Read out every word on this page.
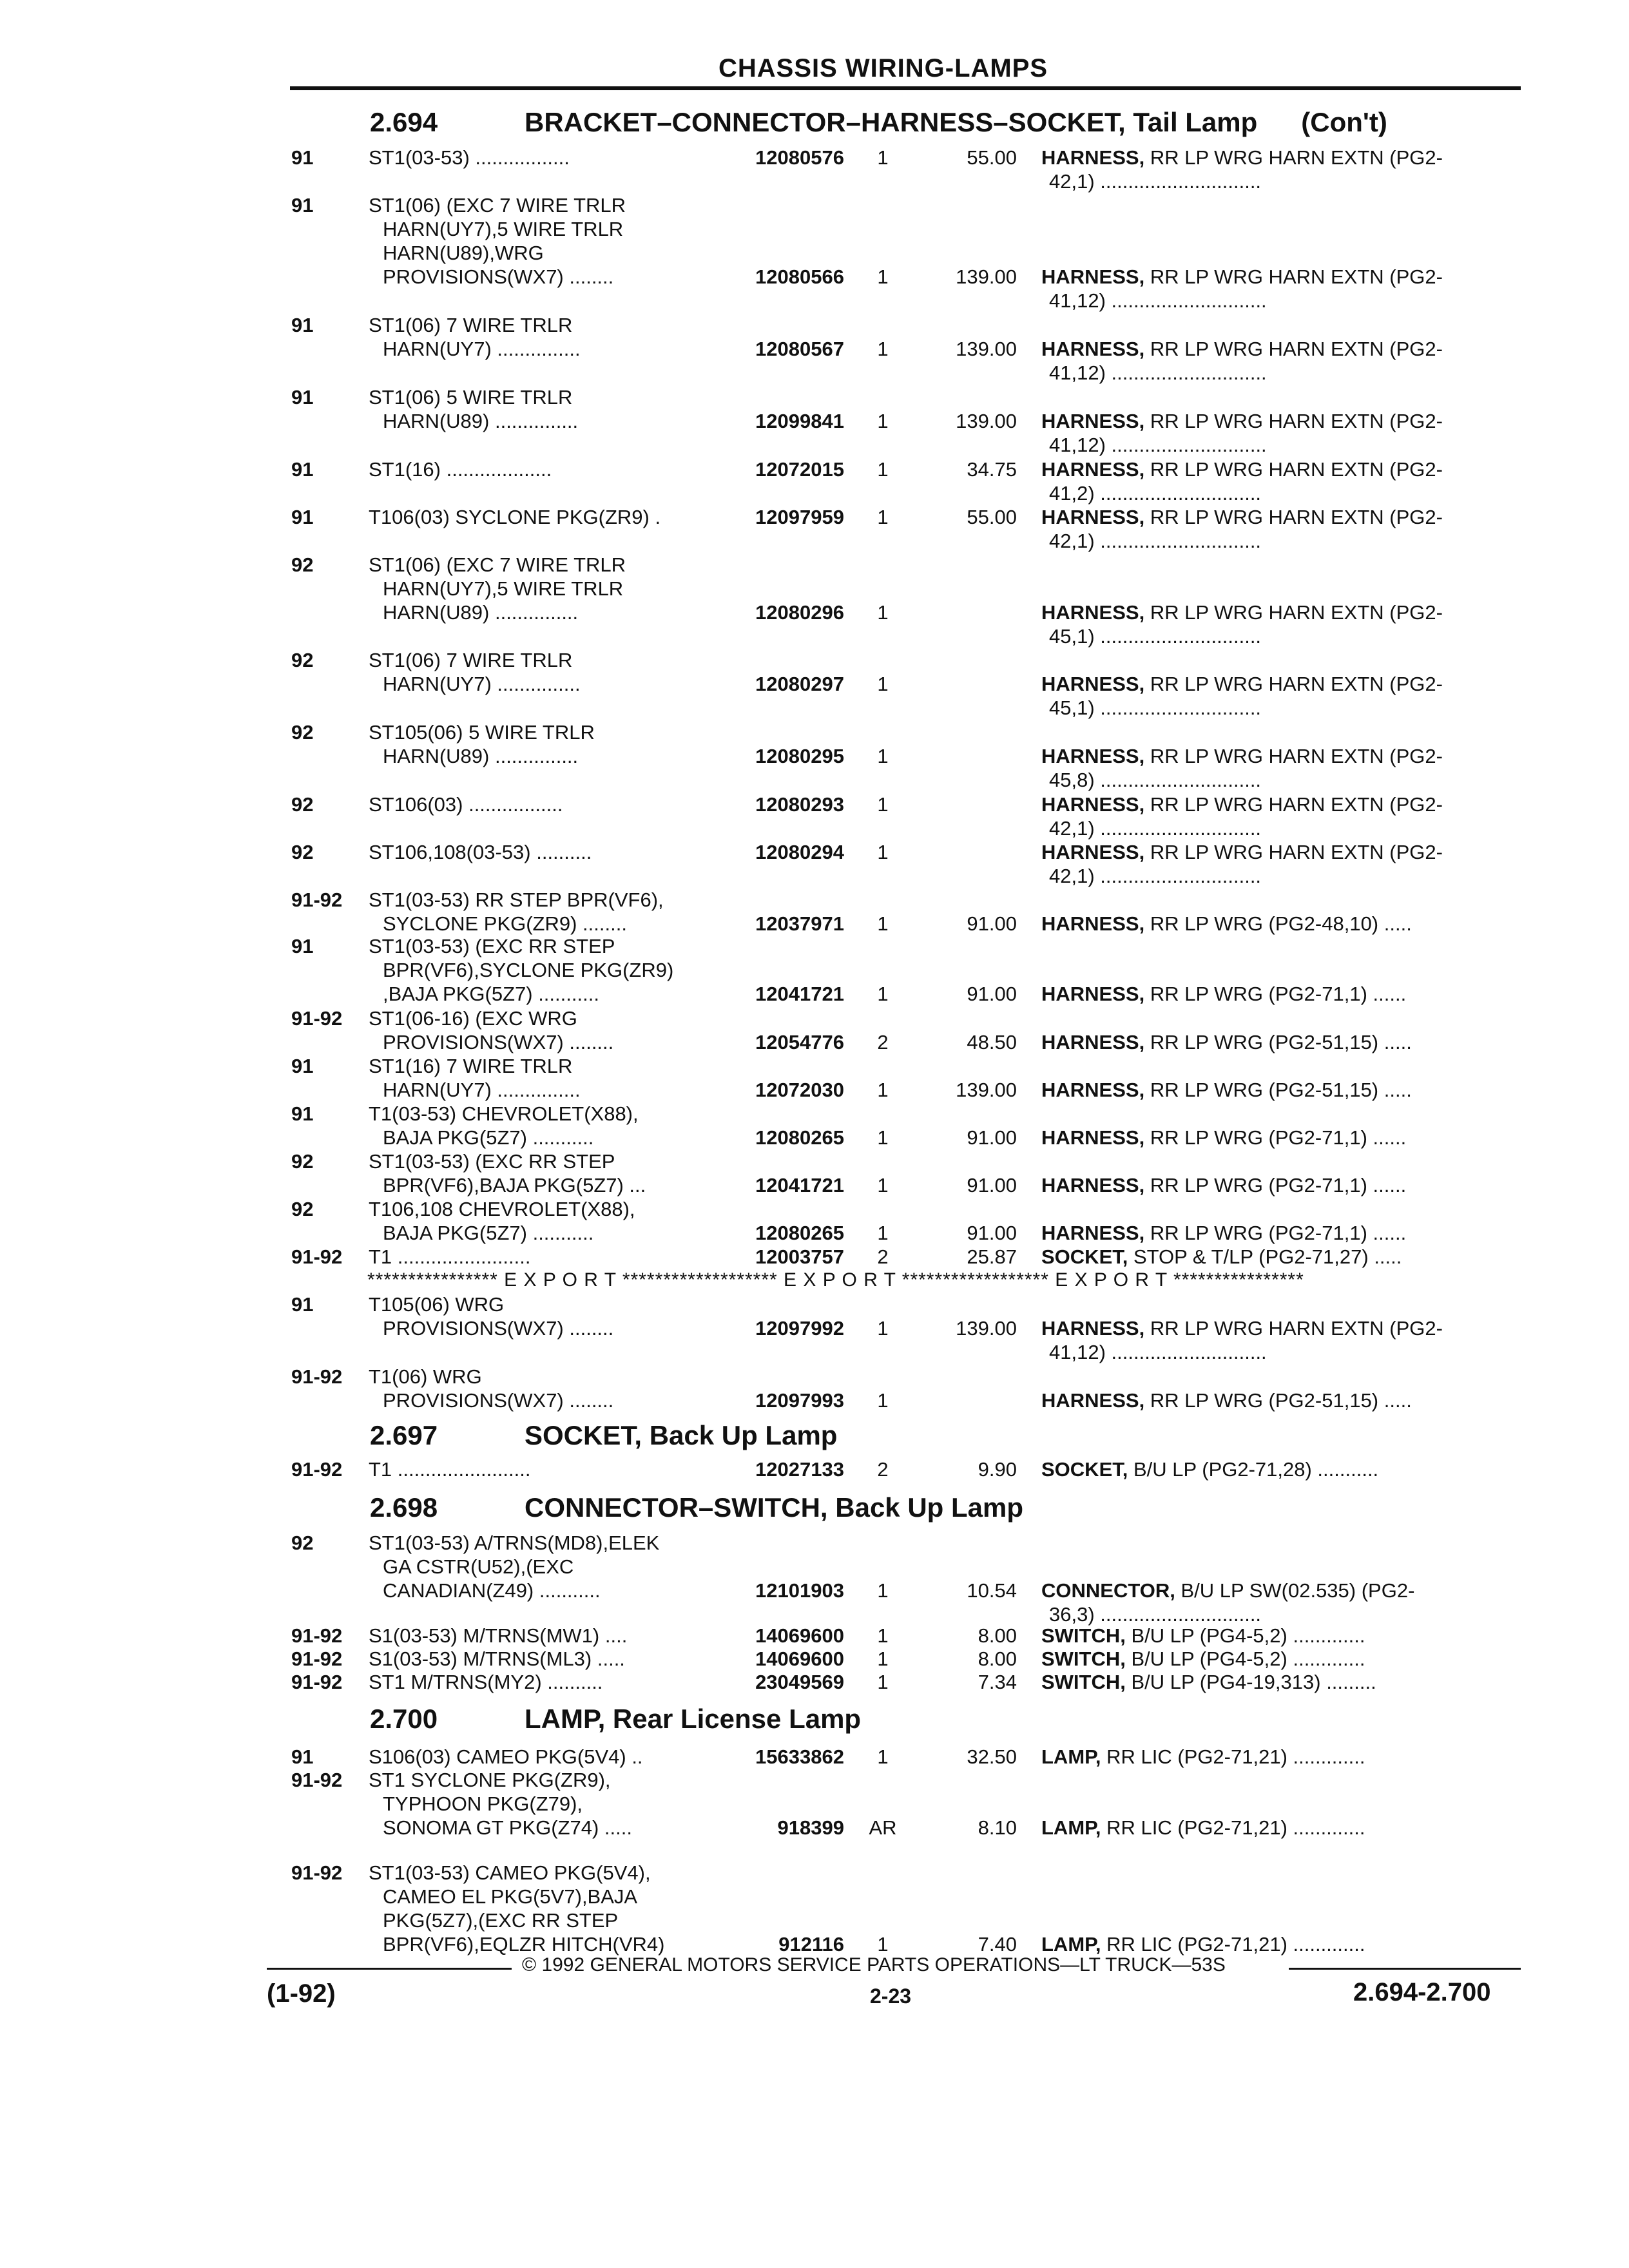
CHASSIS WIRING-LAMPS
2.694	BRACKET–CONNECTOR–HARNESS–SOCKET, Tail Lamp (Con't)
2.697	SOCKET, Back Up Lamp
2.698	CONNECTOR–SWITCH, Back Up Lamp
2.700	LAMP, Rear License Lamp
91	ST1(03-53) .................	12080576	1	55.00 HARNESS, RR LP WRG HARN EXTN (PG2-
42,1) .............................
91	ST1(06) (EXC 7 WIRE TRLR
HARN(UY7),5 WIRE TRLR
HARN(U89),WRG
PROVISIONS(WX7) ........	12080566	1	139.00 HARNESS, RR LP WRG HARN EXTN (PG2-
41,12) ............................
91	ST1(06) 7 WIRE TRLR
HARN(UY7) ...............	12080567	1	139.00 HARNESS, RR LP WRG HARN EXTN (PG2-
41,12) ............................
91	ST1(06) 5 WIRE TRLR
HARN(U89) ...............	12099841	1	139.00 HARNESS, RR LP WRG HARN EXTN (PG2-
41,12) ............................
91	ST1(16) ...................	12072015	1	34.75 HARNESS, RR LP WRG HARN EXTN (PG2-
41,2) .............................
91	T106(03) SYCLONE PKG(ZR9) .	12097959	1	55.00 HARNESS, RR LP WRG HARN EXTN (PG2-
42,1) .............................
92	ST1(06) (EXC 7 WIRE TRLR
HARN(UY7),5 WIRE TRLR
HARN(U89) ...............	12080296	1	HARNESS, RR LP WRG HARN EXTN (PG2-
45,1) .............................
92	ST1(06) 7 WIRE TRLR
HARN(UY7) ...............	12080297	1	HARNESS, RR LP WRG HARN EXTN (PG2-
45,1) .............................
92	ST105(06) 5 WIRE TRLR
HARN(U89) ...............	12080295	1	HARNESS, RR LP WRG HARN EXTN (PG2-
45,8) .............................
92	ST106(03) .................	12080293	1	HARNESS, RR LP WRG HARN EXTN (PG2-
42,1) .............................
92	ST106,108(03-53) ..........	12080294	1	HARNESS, RR LP WRG HARN EXTN (PG2-
42,1) .............................
91-92 ST1(03-53) RR STEP BPR(VF6),
SYCLONE PKG(ZR9) ........	12037971	1	91.00 HARNESS, RR LP WRG (PG2-48,10) .....
91	ST1(03-53) (EXC RR STEP
BPR(VF6),SYCLONE PKG(ZR9)
,BAJA PKG(5Z7) ...........	12041721	1	91.00 HARNESS, RR LP WRG (PG2-71,1) ......
91-92 ST1(06-16) (EXC WRG
PROVISIONS(WX7) ........	12054776	2	48.50 HARNESS, RR LP WRG (PG2-51,15) .....
91	ST1(16) 7 WIRE TRLR
HARN(UY7) ...............	12072030	1	139.00 HARNESS, RR LP WRG (PG2-51,15) .....
91	T1(03-53) CHEVROLET(X88),
BAJA PKG(5Z7) ...........	12080265	1	91.00 HARNESS, RR LP WRG (PG2-71,1) ......
92	ST1(03-53) (EXC RR STEP
BPR(VF6),BAJA PKG(5Z7) ...	12041721	1	91.00 HARNESS, RR LP WRG (PG2-71,1) ......
92	T106,108 CHEVROLET(X88),
BAJA PKG(5Z7) ...........	12080265	1	91.00 HARNESS, RR LP WRG (PG2-71,1) ......
91-92 T1 ........................	12003757	2	25.87 SOCKET, STOP & T/LP (PG2-71,27) .....
91	T105(06) WRG
PROVISIONS(WX7) ........	12097992	1	139.00 HARNESS, RR LP WRG HARN EXTN (PG2-
41,12) ............................
91-92 T1(06) WRG
PROVISIONS(WX7) ........	12097993	1	HARNESS, RR LP WRG (PG2-51,15) .....
91-92 T1 ........................	12027133	2	9.90 SOCKET, B/U LP (PG2-71,28) ...........
92	ST1(03-53) A/TRNS(MD8),ELEK
GA CSTR(U52),(EXC
CANADIAN(Z49) ...........	12101903	1	10.54 CONNECTOR, B/U LP SW(02.535) (PG2-
36,3) .............................
91-92 S1(03-53) M/TRNS(MW1) ....	14069600	1	8.00 SWITCH, B/U LP (PG4-5,2) .............
91-92 S1(03-53) M/TRNS(ML3) .....	14069600	1	8.00 SWITCH, B/U LP (PG4-5,2) .............
91-92 ST1 M/TRNS(MY2) ..........	23049569	1	7.34 SWITCH, B/U LP (PG4-19,313) .........
91	S106(03) CAMEO PKG(5V4) ..	15633862	1	32.50 LAMP, RR LIC (PG2-71,21) .............
91-92 ST1 SYCLONE PKG(ZR9),
TYPHOON PKG(Z79),
SONOMA GT PKG(Z74) .....	918399	AR	8.10 LAMP, RR LIC (PG2-71,21) .............
91-92 ST1(03-53) CAMEO PKG(5V4),
CAMEO EL PKG(5V7),BAJA
PKG(5Z7),(EXC RR STEP
BPR(VF6),EQLZR HITCH(VR4)	912116	1	7.40 LAMP, RR LIC (PG2-71,21) .............
**************** E X P O R T ******************* E X P O R T ****************** E X P O R T ****************
© 1992 GENERAL MOTORS SERVICE PARTS OPERATIONS—LT TRUCK—53S
(1-92)	2-23	2.694-2.700
